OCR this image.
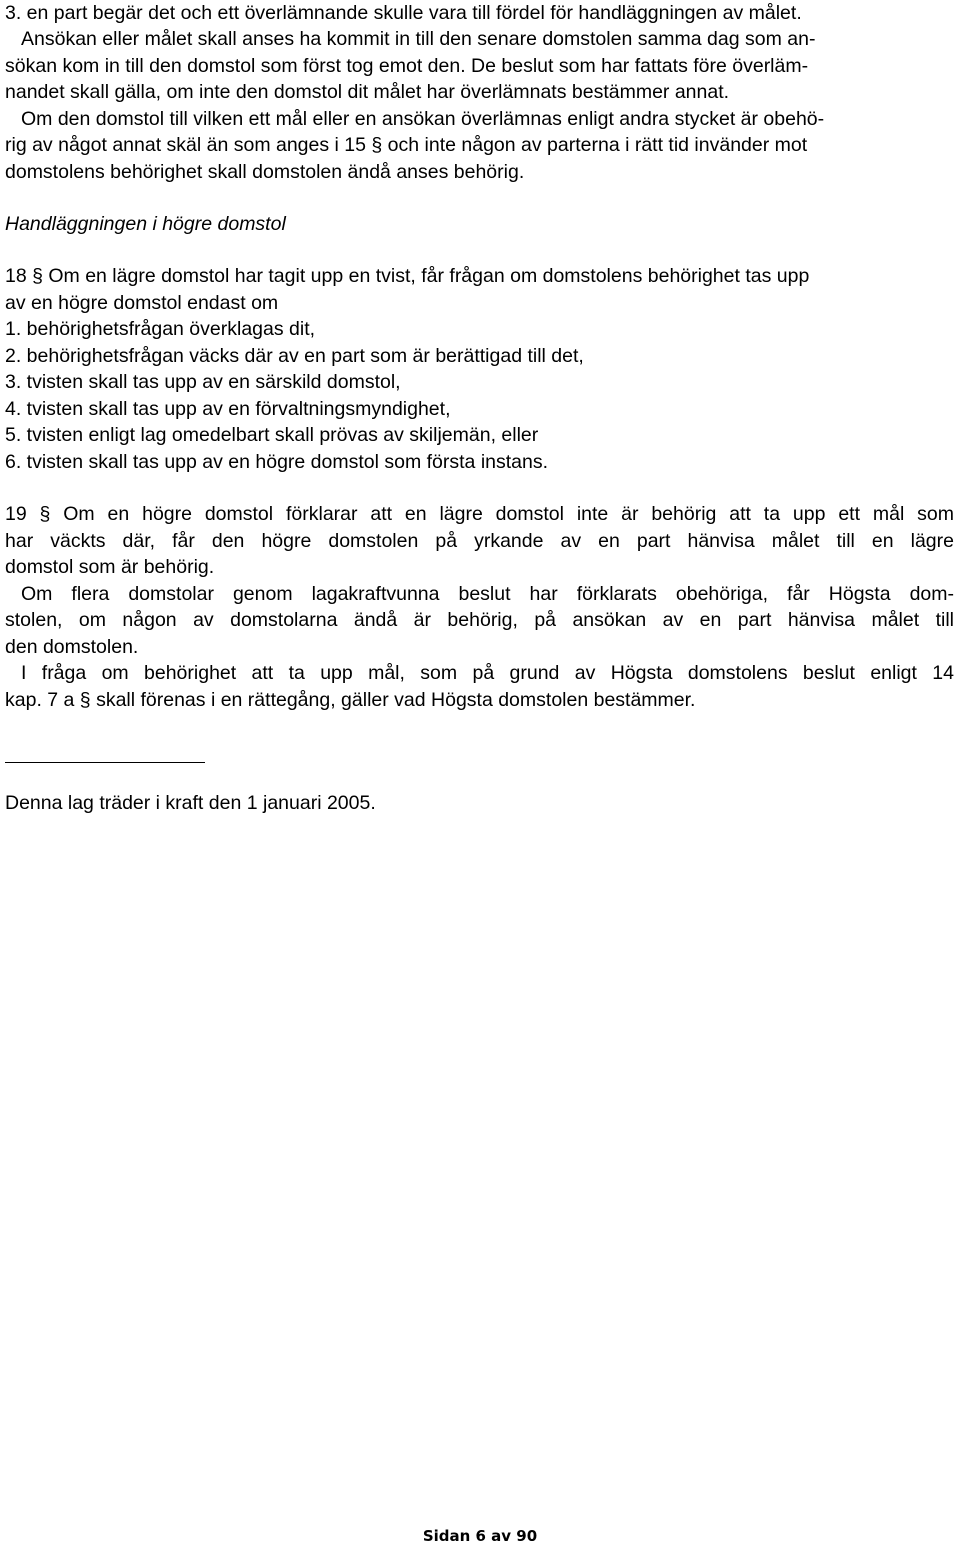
3. en part begär det och ett överlämnande skulle vara till fördel för handläggningen av målet.
Ansökan eller målet skall anses ha kommit in till den senare domstolen samma dag som an-
sökan kom in till den domstol som först tog emot den. De beslut som har fattats före överläm-
nandet skall gälla, om inte den domstol dit målet har överlämnats bestämmer annat.
Om den domstol till vilken ett mål eller en ansökan överlämnas enligt andra stycket är obehö-
rig av något annat skäl än som anges i 15 § och inte någon av parterna i rätt tid invänder mot
domstolens behörighet skall domstolen ändå anses behörig.
Handläggningen i högre domstol
18 § Om en lägre domstol har tagit upp en tvist, får frågan om domstolens behörighet tas upp
av en högre domstol endast om
1. behörighetsfrågan överklagas dit,
2. behörighetsfrågan väcks där av en part som är berättigad till det,
3. tvisten skall tas upp av en särskild domstol,
4. tvisten skall tas upp av en förvaltningsmyndighet,
5. tvisten enligt lag omedelbart skall prövas av skiljemän, eller
6. tvisten skall tas upp av en högre domstol som första instans.
19 § Om en högre domstol förklarar att en lägre domstol inte är behörig att ta upp ett mål som
har väckts där, får den högre domstolen på yrkande av en part hänvisa målet till en lägre
domstol som är behörig.
Om flera domstolar genom lagakraftvunna beslut har förklarats obehöriga, får Högsta dom-
stolen, om någon av domstolarna ändå är behörig, på ansökan av en part hänvisa målet till
den domstolen.
I fråga om behörighet att ta upp mål, som på grund av Högsta domstolens beslut enligt 14
kap. 7 a § skall förenas i en rättegång, gäller vad Högsta domstolen bestämmer.
Denna lag träder i kraft den 1 januari 2005.
Sidan 6 av 90
